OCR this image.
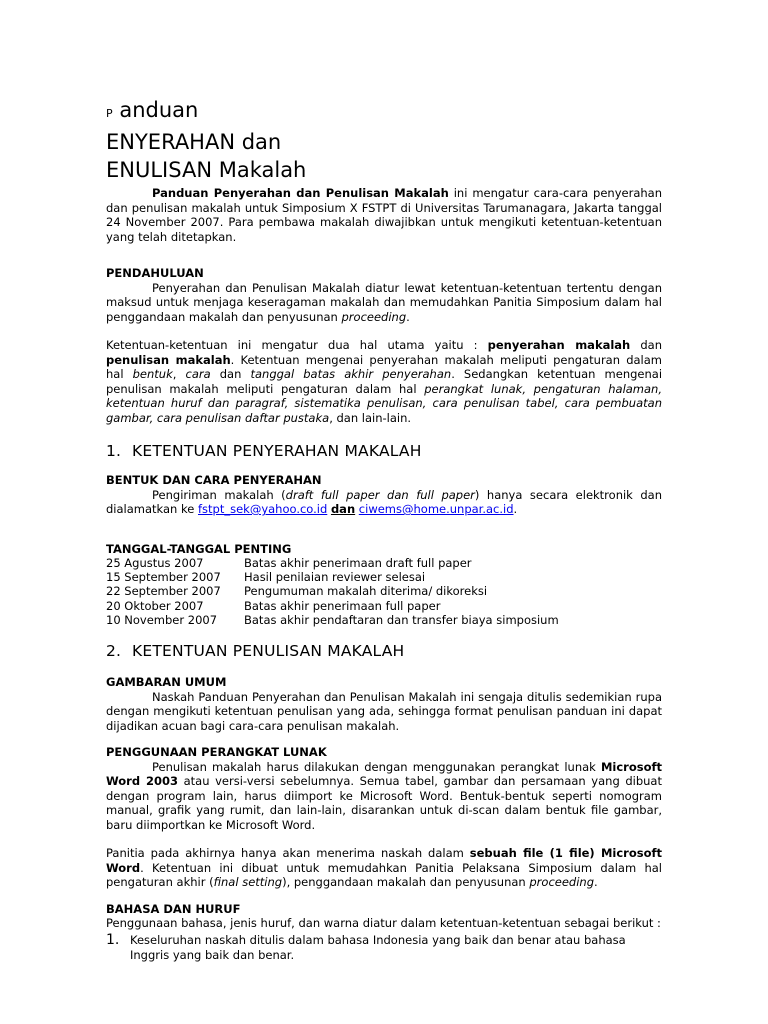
P anduan

ENYERAHAN dan

ENULISAN Makalah

Panduan Penyerahan dan Penulisan Makalah ini mengatur cara-cara penyerahan dan penulisan makalah untuk Simposium X FSTPT di Universitas Tarumanagara, Jakarta tanggal 24 November 2007. Para pembawa makalah diwajibkan untuk mengikuti ketentuan-ketentuan yang telah ditetapkan.

PENDAHULUAN

Penyerahan dan Penulisan Makalah diatur lewat ketentuan-ketentuan tertentu dengan maksud untuk menjaga keseragaman makalah dan memudahkan Panitia Simposium dalam hal penggandaan makalah dan penyusunan proceeding.

Ketentuan-ketentuan ini mengatur dua hal utama yaitu : penyerahan makalah dan penulisan makalah. Ketentuan mengenai penyerahan makalah meliputi pengaturan dalam hal bentuk, cara dan tanggal batas akhir penyerahan. Sedangkan ketentuan mengenai penulisan makalah meliputi pengaturan dalam hal perangkat lunak, pengaturan halaman, ketentuan huruf dan paragraf, sistematika penulisan, cara penulisan tabel, cara pembuatan gambar, cara penulisan daftar pustaka, dan lain-lain.

1. KETENTUAN PENYERAHAN MAKALAH

BENTUK DAN CARA PENYERAHAN

Pengiriman makalah (draft full paper dan full paper) hanya secara elektronik dan dialamatkan ke fstpt_sek@yahoo.co.id dan ciwems@home.unpar.ac.id.

TANGGAL-TANGGAL PENTING

25 Agustus 2007	Batas akhir penerimaan draft full paper
15 September 2007	Hasil penilaian reviewer selesai
22 September 2007	Pengumuman makalah diterima/ dikoreksi
20 Oktober 2007	Batas akhir penerimaan full paper
10 November 2007	Batas akhir pendaftaran dan transfer biaya simposium

2. KETENTUAN PENULISAN MAKALAH

GAMBARAN UMUM

Naskah Panduan Penyerahan dan Penulisan Makalah ini sengaja ditulis sedemikian rupa dengan mengikuti ketentuan penulisan yang ada, sehingga format penulisan panduan ini dapat dijadikan acuan bagi cara-cara penulisan makalah.

PENGGUNAAN PERANGKAT LUNAK

Penulisan makalah harus dilakukan dengan menggunakan perangkat lunak Microsoft Word 2003 atau versi-versi sebelumnya. Semua tabel, gambar dan persamaan yang dibuat dengan program lain, harus diimport ke Microsoft Word. Bentuk-bentuk seperti nomogram manual, grafik yang rumit, dan lain-lain, disarankan untuk di-scan dalam bentuk file gambar, baru diimportkan ke Microsoft Word.

Panitia pada akhirnya hanya akan menerima naskah dalam sebuah file (1 file) Microsoft Word. Ketentuan ini dibuat untuk memudahkan Panitia Pelaksana Simposium dalam hal pengaturan akhir (final setting), penggandaan makalah dan penyusunan proceeding.

BAHASA DAN HURUF

Penggunaan bahasa, jenis huruf, dan warna diatur dalam ketentuan-ketentuan sebagai berikut :

1. Keseluruhan naskah ditulis dalam bahasa Indonesia yang baik dan benar atau bahasa Inggris yang baik dan benar.
